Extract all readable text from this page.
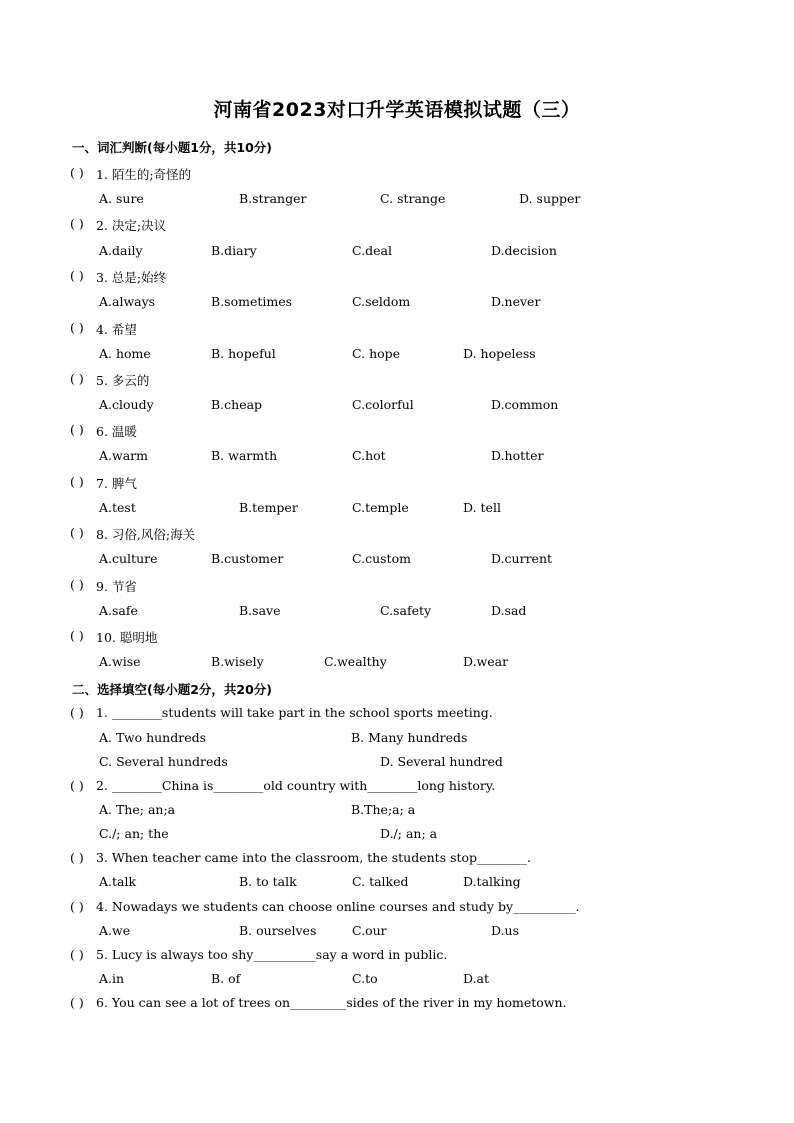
河南省2023对口升学英语模拟试题（三）
一、词汇判断(每小题1分，共10分)
( ) 1. 陌生的;奇怪的
A. sure	B.stranger	C. strange	D. supper
( ) 2. 决定;决议
A.daily	B.diary	C.deal	D.decision
( ) 3. 总是;始终
A.always	B.sometimes	C.seldom	D.never
( ) 4. 希望
A. home	B. hopeful	C. hope	D. hopeless
( ) 5. 多云的
A.cloudy	B.cheap	C.colorful	D.common
( ) 6. 温暖
A.warm	B. warmth	C.hot	D.hotter
( ) 7. 脾气
A.test	B.temper	C.temple	D. tell
( ) 8. 习俗,风俗;海关
A.culture	B.customer	C.custom	D.current
( ) 9. 节省
A.safe	B.save	C.safety	D.sad
( ) 10. 聪明地
A.wise	B.wisely	C.wealthy	D.wear
二、选择填空(每小题2分，共20分)
( ) 1. ________students will take part in the school sports meeting.
A. Two hundreds	B. Many hundreds
C. Several hundreds	D. Several hundred
( ) 2. ________China is________old country with________long history.
A. The; an;a	B.The;a; a
C./; an; the	D./; an; a
( ) 3. When teacher came into the classroom, the students stop________.
A.talk	B. to talk	C. talked	D.talking
( ) 4. Nowadays we students can choose online courses and study by__________.
A.we	B. ourselves	C.our	D.us
( ) 5. Lucy is always too shy__________say a word in public.
A.in	B. of	C.to	D.at
( ) 6. You can see a lot of trees on_________sides of the river in my hometown.
